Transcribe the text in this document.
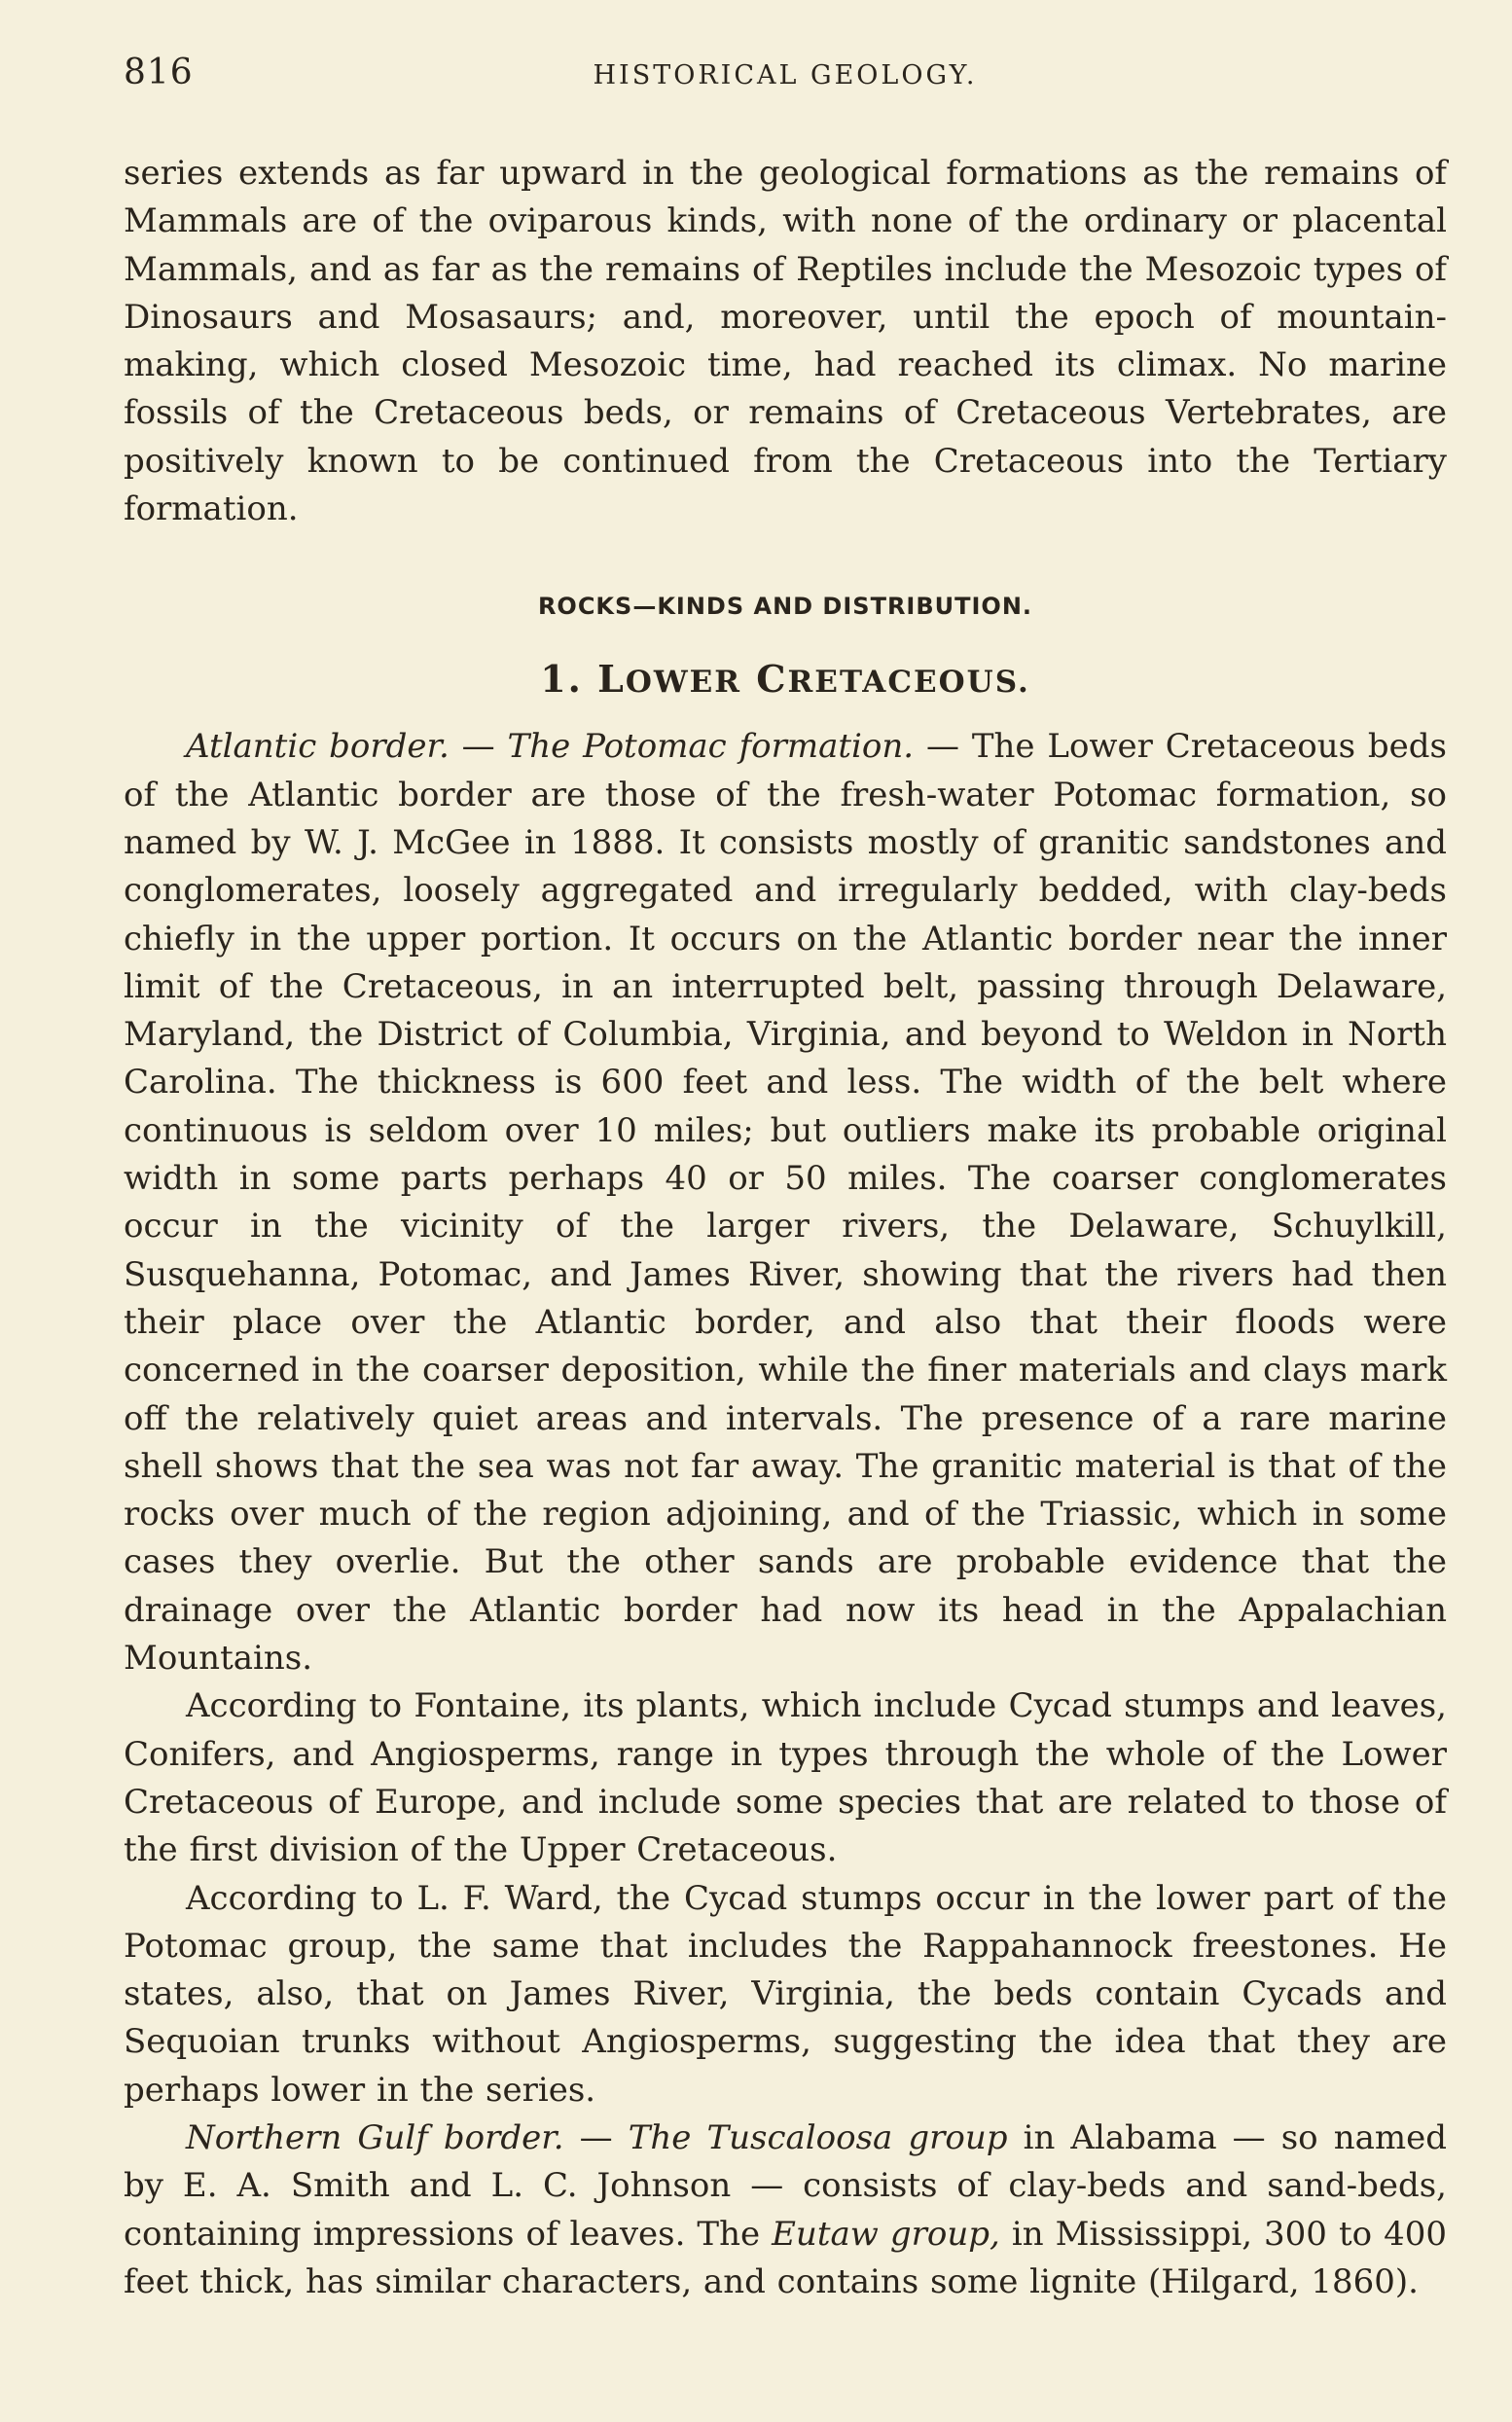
816	HISTORICAL GEOLOGY.

series extends as far upward in the geological formations as the remains of Mammals are of the oviparous kinds, with none of the ordinary or placental Mammals, and as far as the remains of Reptiles include the Mesozoic types of Dinosaurs and Mosasaurs; and, moreover, until the epoch of mountain-making, which closed Mesozoic time, had reached its climax. No marine fossils of the Cretaceous beds, or remains of Cretaceous Vertebrates, are positively known to be continued from the Cretaceous into the Tertiary formation.

ROCKS—KINDS AND DISTRIBUTION.
1. LOWER CRETACEOUS.

Atlantic border. — The Potomac formation. — The Lower Cretaceous beds of the Atlantic border are those of the fresh-water Potomac formation, so named by W. J. McGee in 1888. It consists mostly of granitic sandstones and conglomerates, loosely aggregated and irregularly bedded, with clay-beds chiefly in the upper portion. It occurs on the Atlantic border near the inner limit of the Cretaceous, in an interrupted belt, passing through Delaware, Maryland, the District of Columbia, Virginia, and beyond to Weldon in North Carolina. The thickness is 600 feet and less. The width of the belt where continuous is seldom over 10 miles; but outliers make its probable original width in some parts perhaps 40 or 50 miles. The coarser conglomerates occur in the vicinity of the larger rivers, the Delaware, Schuylkill, Susquehanna, Potomac, and James River, showing that the rivers had then their place over the Atlantic border, and also that their floods were concerned in the coarser deposition, while the finer materials and clays mark off the relatively quiet areas and intervals. The presence of a rare marine shell shows that the sea was not far away. The granitic material is that of the rocks over much of the region adjoining, and of the Triassic, which in some cases they overlie. But the other sands are probable evidence that the drainage over the Atlantic border had now its head in the Appalachian Mountains.

According to Fontaine, its plants, which include Cycad stumps and leaves, Conifers, and Angiosperms, range in types through the whole of the Lower Cretaceous of Europe, and include some species that are related to those of the first division of the Upper Cretaceous.

According to L. F. Ward, the Cycad stumps occur in the lower part of the Potomac group, the same that includes the Rappahannock freestones. He states, also, that on James River, Virginia, the beds contain Cycads and Sequoian trunks without Angiosperms, suggesting the idea that they are perhaps lower in the series.

Northern Gulf border. — The Tuscaloosa group in Alabama — so named by E. A. Smith and L. C. Johnson — consists of clay-beds and sand-beds, containing impressions of leaves. The Eutaw group, in Mississippi, 300 to 400 feet thick, has similar characters, and contains some lignite (Hilgard, 1860).
